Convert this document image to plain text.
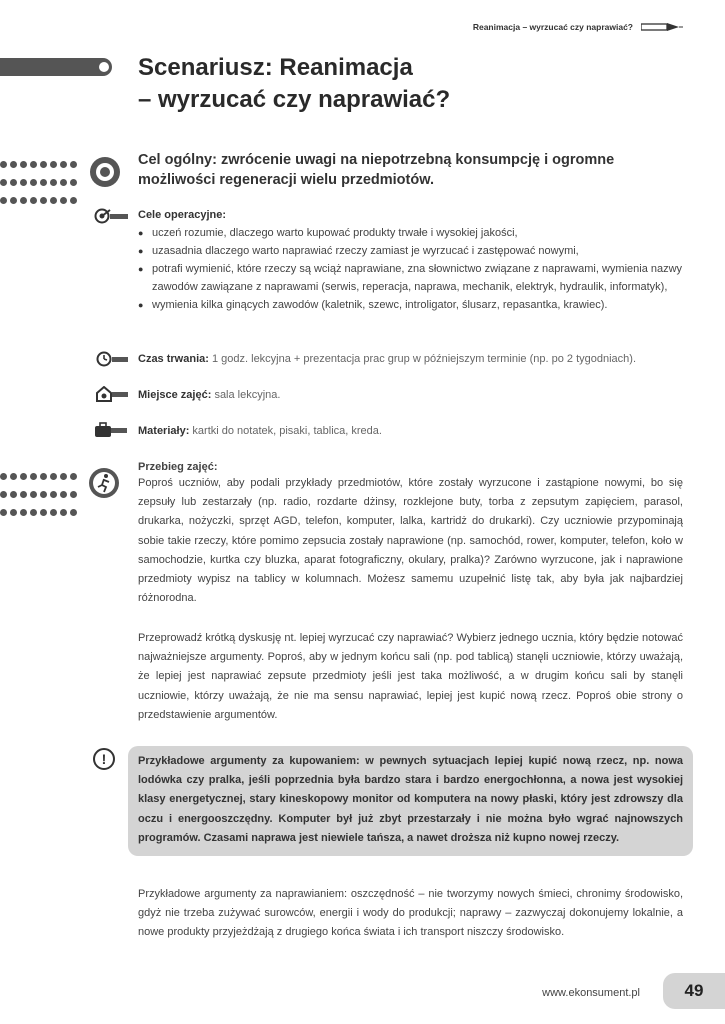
Reanimacja – wyrzucać czy naprawiać?
Scenariusz: Reanimacja
– wyrzucać czy naprawiać?

Cel ogólny: zwrócenie uwagi na niepotrzebną konsumpcję i ogromne możliwości regeneracji wielu przedmiotów.
Cele operacyjne:
● uczeń rozumie, dlaczego warto kupować produkty trwałe i wysokiej jakości,
● uzasadnia dlaczego warto naprawiać rzeczy zamiast je wyrzucać i zastępować nowymi,
● potrafi wymienić, które rzeczy są wciąż naprawiane, zna słownictwo związane z naprawami, wymienia nazwy zawodów zawiązane z naprawami (serwis, reperacja, naprawa, mechanik, elektryk, hydraulik, informatyk),
● wymienia kilka ginących zawodów (kaletnik, szewc, introligator, ślusarz, repasantka, krawiec).
Czas trwania: 1 godz. lekcyjna + prezentacja prac grup w późniejszym terminie (np. po 2 tygodniach).
Miejsce zajęć: sala lekcyjna.
Materiały: kartki do notatek, pisaki, tablica, kreda.

Przebieg zajęć:
Poproś uczniów, aby podali przykłady przedmiotów, które zostały wyrzucone i zastąpione nowymi, bo się zepsuły lub zestarzały (np. radio, rozdarte dżinsy, rozklejone buty, torba z zepsutym zapięciem, parasol, drukarka, nożyczki, sprzęt AGD, telefon, komputer, lalka, kartridż do drukarki). Czy uczniowie przypominają sobie takie rzeczy, które pomimo zepsucia zostały naprawione (np. samochód, rower, komputer, telefon, koło w samochodzie, kurtka czy bluzka, aparat fotograficzny, okulary, pralka)? Zarówno wyrzucone, jak i naprawione przedmioty wypisz na tablicy w kolumnach. Możesz samemu uzupełnić listę tak, aby była jak najbardziej różnorodna.
Przeprowadź krótką dyskusję nt. lepiej wyrzucać czy naprawiać? Wybierz jednego ucznia, który będzie notować najważniejsze argumenty. Poproś, aby w jednym końcu sali (np. pod tablicą) stanęli uczniowie, którzy uważają, że lepiej jest naprawiać zepsute przedmioty jeśli jest taka możliwość, a w drugim końcu sali by stanęli uczniowie, którzy uważają, że nie ma sensu naprawiać, lepiej jest kupić nową rzecz. Poproś obie strony o przedstawienie argumentów.
!	Przykładowe argumenty za kupowaniem: w pewnych sytuacjach lepiej kupić nową rzecz, np. nowa lodówka czy pralka, jeśli poprzednia była bardzo stara i bardzo energochłonna, a nowa jest wysokiej klasy energetycznej, stary kineskopowy monitor od komputera na nowy płaski, który jest zdrowszy dla oczu i energooszczędny. Komputer był już zbyt przestarzały i nie można było wgrać najnowszych programów. Czasami naprawa jest niewiele tańsza, a nawet droższa niż kupno nowej rzeczy.
Przykładowe argumenty za naprawianiem: oszczędność – nie tworzymy nowych śmieci, chronimy środowisko, gdyż nie trzeba zużywać surowców, energii i wody do produkcji; naprawy – zazwyczaj dokonujemy lokalnie, a nowe produkty przyjeżdżają z drugiego końca świata i ich transport niszczy środowisko.
www.ekonsument.pl	49
